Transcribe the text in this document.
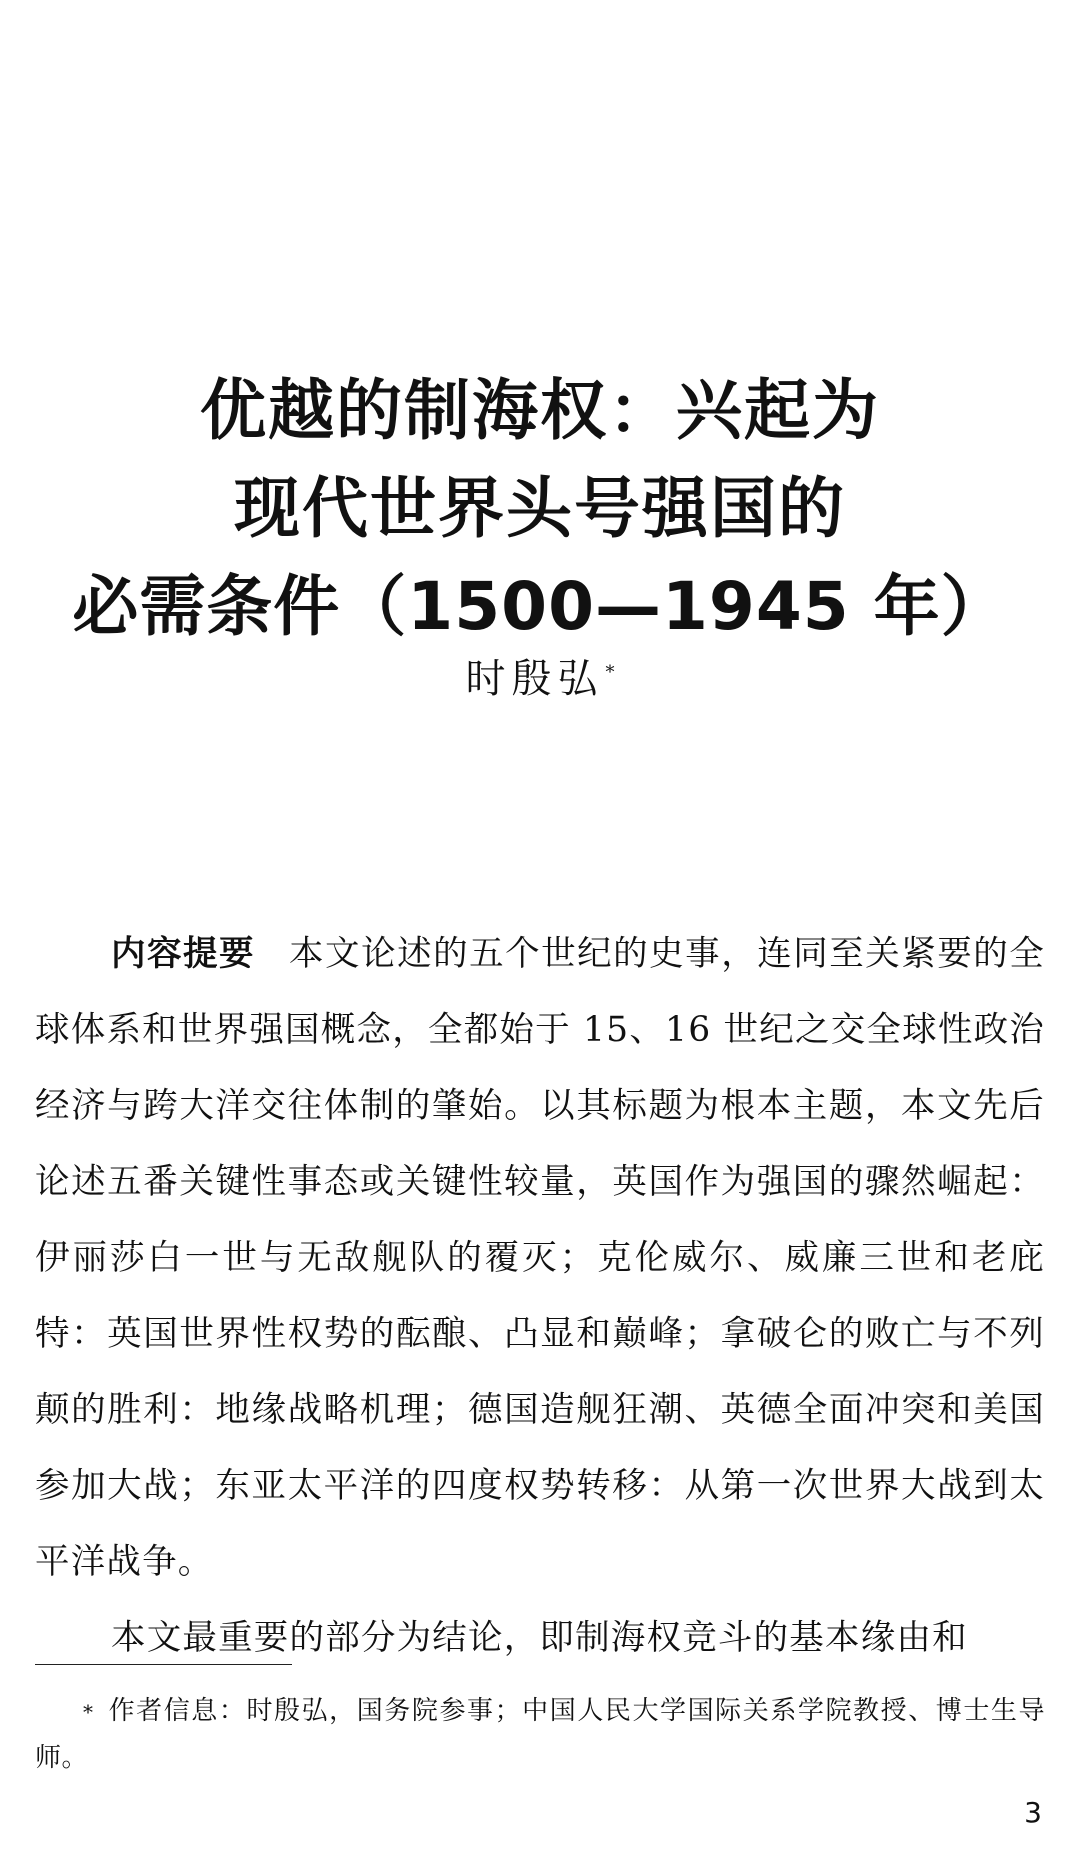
优越的制海权：兴起为
现代世界头号强国的
必需条件（1500—1945 年）
时殷弘 *

内容提要 本文论述的五个世纪的史事，连同至关紧要的全球体系和世界强国概念，全都始于 15、16 世纪之交全球性政治经济与跨大洋交往体制的肇始。以其标题为根本主题，本文先后论述五番关键性事态或关键性较量，英国作为强国的骤然崛起：伊丽莎白一世与无敌舰队的覆灭；克伦威尔、威廉三世和老庇特：英国世界性权势的酝酿、凸显和巅峰；拿破仑的败亡与不列颠的胜利：地缘战略机理；德国造舰狂潮、英德全面冲突和美国参加大战；东亚太平洋的四度权势转移：从第一次世界大战到太平洋战争。

本文最重要的部分为结论，即制海权竞斗的基本缘由和

* 作者信息：时殷弘，国务院参事；中国人民大学国际关系学院教授、博士生导师。
3
